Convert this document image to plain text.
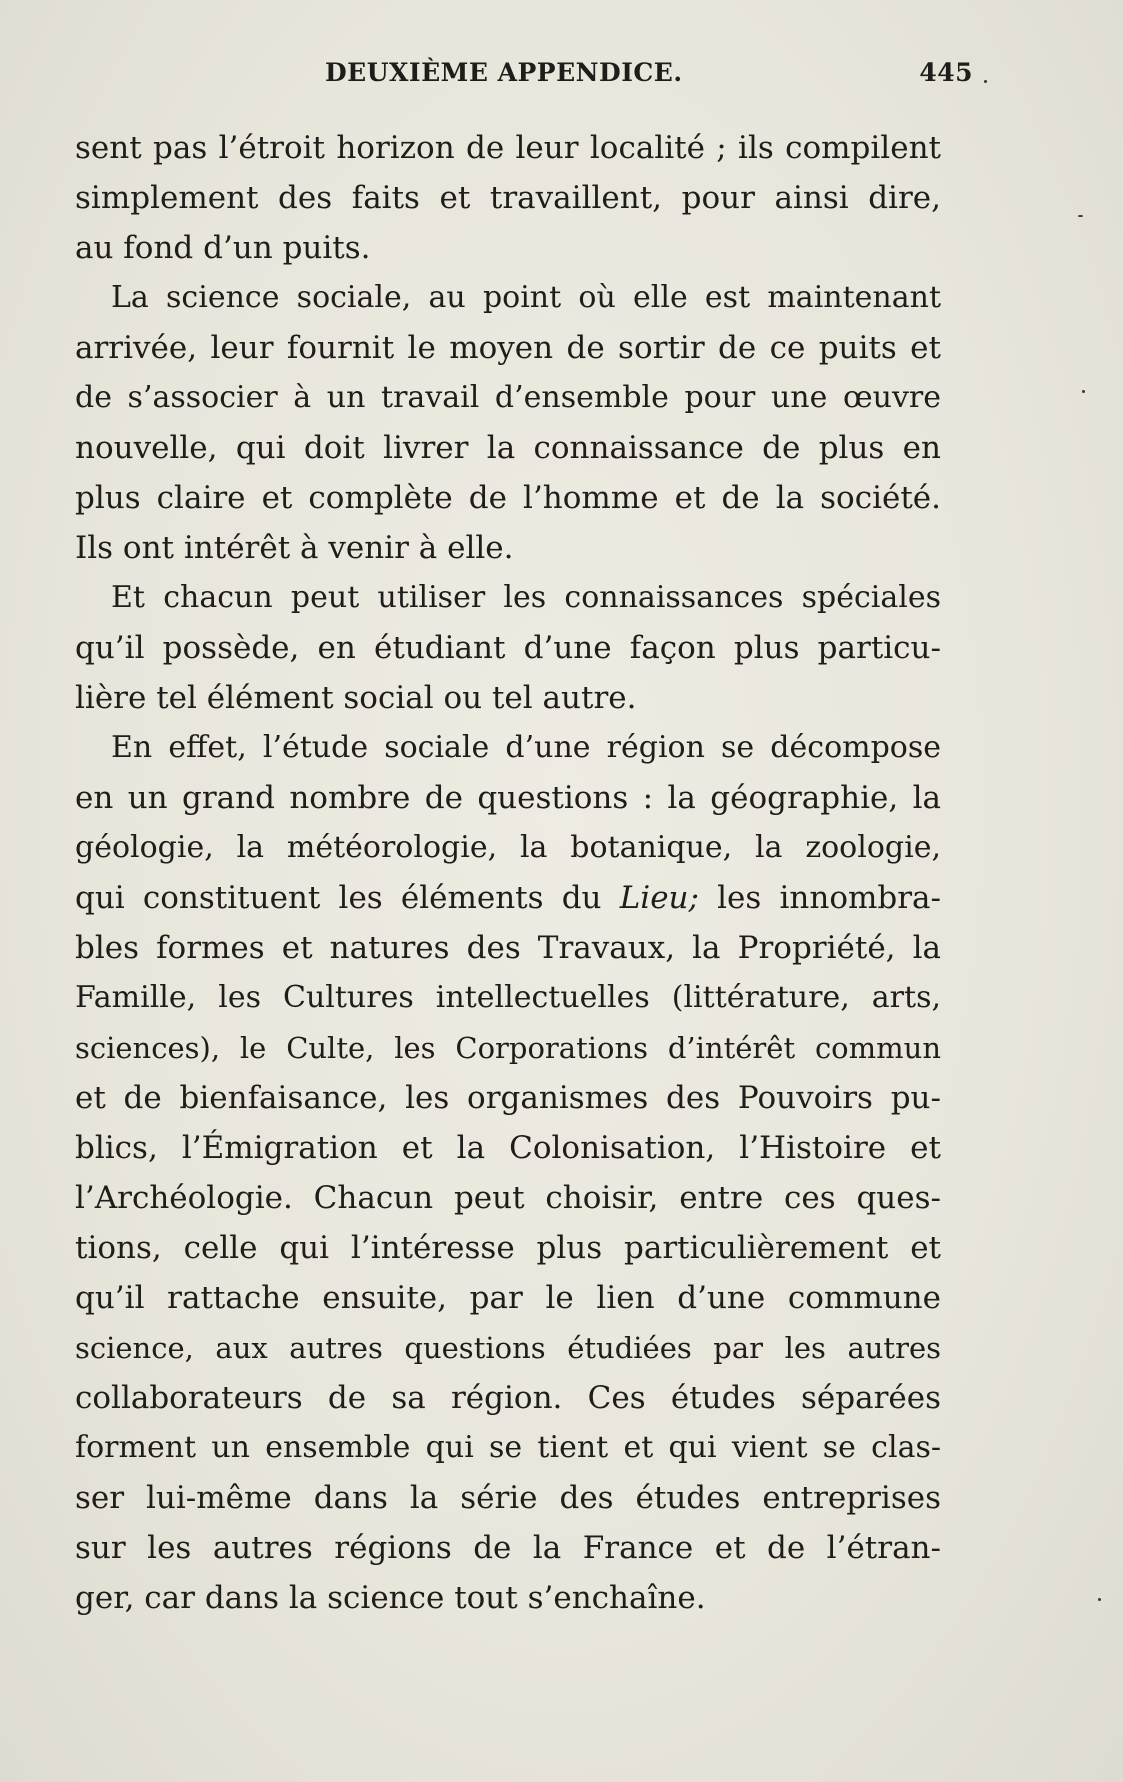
DEUXIÈME APPENDICE.	445
sent pas l’étroit horizon de leur localité ; ils compilent
simplement des faits et travaillent, pour ainsi dire,
au fond d’un puits.
La science sociale, au point où elle est maintenant
arrivée, leur fournit le moyen de sortir de ce puits et
de s’associer à un travail d’ensemble pour une œuvre
nouvelle, qui doit livrer la connaissance de plus en
plus claire et complète de l’homme et de la société.
Ils ont intérêt à venir à elle.
Et chacun peut utiliser les connaissances spéciales
qu’il possède, en étudiant d’une façon plus particu-
lière tel élément social ou tel autre.
En effet, l’étude sociale d’une région se décompose
en un grand nombre de questions : la géographie, la
géologie, la météorologie, la botanique, la zoologie,
qui constituent les éléments du Lieu; les innombra-
bles formes et natures des Travaux, la Propriété, la
Famille, les Cultures intellectuelles (littérature, arts,
sciences), le Culte, les Corporations d’intérêt commun
et de bienfaisance, les organismes des Pouvoirs pu-
blics, l’Émigration et la Colonisation, l’Histoire et
l’Archéologie. Chacun peut choisir, entre ces ques-
tions, celle qui l’intéresse plus particulièrement et
qu’il rattache ensuite, par le lien d’une commune
science, aux autres questions étudiées par les autres
collaborateurs de sa région. Ces études séparées
forment un ensemble qui se tient et qui vient se clas-
ser lui-même dans la série des études entreprises
sur les autres régions de la France et de l’étran-
ger, car dans la science tout s’enchaîne.
